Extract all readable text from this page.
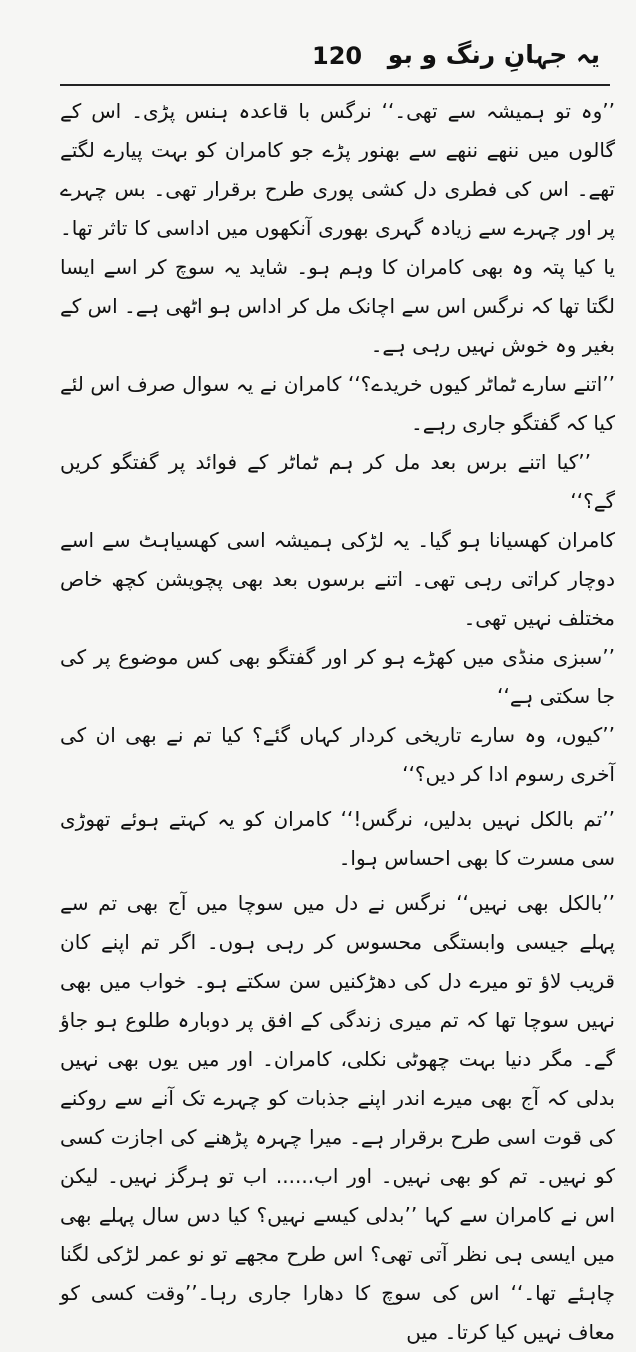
120 یہ جہانِ رنگ و بو

’’وہ تو ہمیشہ سے تھی۔‘‘ نرگس با قاعدہ ہنس پڑی۔ اس کے گالوں میں ننھے ننھے سے بھنور پڑے جو کامران کو بہت پیارے لگتے تھے۔ اس کی فطری دل کشی پوری طرح برقرار تھی۔ بس چہرے پر اور چہرے سے زیادہ گہری بھوری آنکھوں میں اداسی کا تاثر تھا۔ یا کیا پتہ وہ بھی کامران کا وہم ہو۔ شاید یہ سوچ کر اسے ایسا لگتا تھا کہ نرگس اس سے اچانک مل کر اداس ہو اٹھی ہے۔ اس کے بغیر وہ خوش نہیں رہی ہے۔

’’اتنے سارے ٹماٹر کیوں خریدے؟‘‘ کامران نے یہ سوال صرف اس لئے کیا کہ گفتگو جاری رہے۔

’’کیا اتنے برس بعد مل کر ہم ٹماٹر کے فوائد پر گفتگو کریں گے؟‘‘

کامران کھسیانا ہو گیا۔ یہ لڑکی ہمیشہ اسی کھسیاہٹ سے اسے دوچار کراتی رہی تھی۔ اتنے برسوں بعد بھی پچویشن کچھ خاص مختلف نہیں تھی۔

’’سبزی منڈی میں کھڑے ہو کر اور گفتگو بھی کس موضوع پر کی جا سکتی ہے‘‘

’’کیوں، وہ سارے تاریخی کردار کہاں گئے؟ کیا تم نے بھی ان کی آخری رسوم ادا کر دیں؟‘‘

’’تم بالکل نہیں بدلیں، نرگس!‘‘ کامران کو یہ کہتے ہوئے تھوڑی سی مسرت کا بھی احساس ہوا۔

’’بالکل بھی نہیں‘‘ نرگس نے دل میں سوچا میں آج بھی تم سے پہلے جیسی وابستگی محسوس کر رہی ہوں۔ اگر تم اپنے کان قریب لاؤ تو میرے دل کی دھڑکنیں سن سکتے ہو۔ خواب میں بھی نہیں سوچا تھا کہ تم میری زندگی کے افق پر دوبارہ طلوع ہو جاؤ گے۔ مگر دنیا بہت چھوٹی نکلی، کامران۔ اور میں یوں بھی نہیں بدلی کہ آج بھی میرے اندر اپنے جذبات کو چہرے تک آنے سے روکنے کی قوت اسی طرح برقرار ہے۔ میرا چہرہ پڑھنے کی اجازت کسی کو نہیں۔ تم کو بھی نہیں۔ اور اب...... اب تو ہرگز نہیں۔ لیکن اس نے کامران سے کہا ’’بدلی کیسے نہیں؟ کیا دس سال پہلے بھی میں ایسی ہی نظر آتی تھی؟ اس طرح مجھے تو نو عمر لڑکی لگنا چاہئے تھا۔‘‘ اس کی سوچ کا دھارا جاری رہا۔’’وقت کسی کو معاف نہیں کیا کرتا۔ میں
